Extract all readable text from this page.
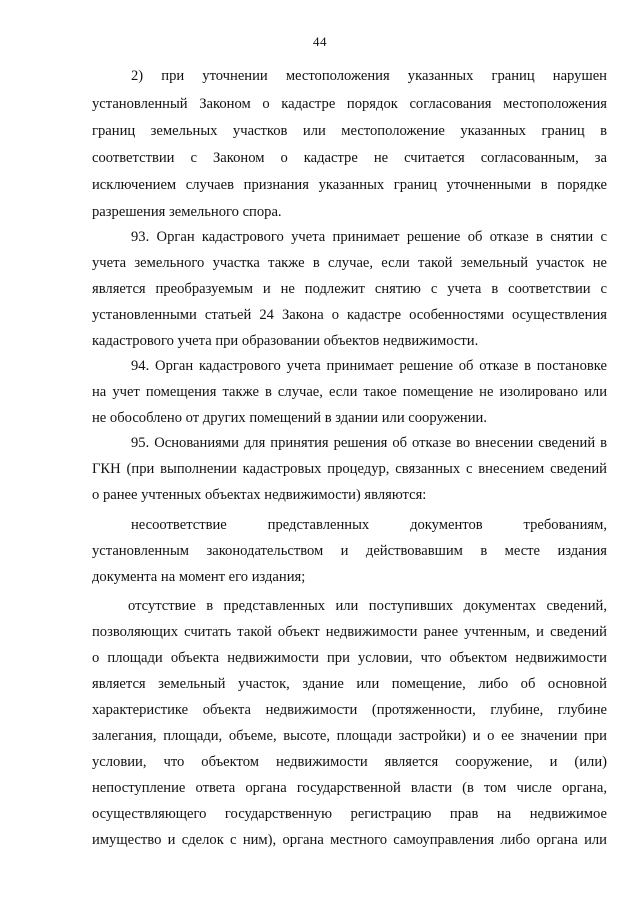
44
2) при уточнении местоположения указанных границ нарушен
установленный Законом о кадастре порядок согласования местоположения
границ земельных участков или местоположение указанных границ в
соответствии с Законом о кадастре не считается согласованным, за
исключением случаев признания указанных границ уточненными в порядке
разрешения земельного спора.
93. Орган кадастрового учета принимает решение об отказе в снятии с
учета земельного участка также в случае, если такой земельный участок не
является преобразуемым и не подлежит снятию с учета в соответствии с
установленными статьей 24 Закона о кадастре особенностями осуществления
кадастрового учета при образовании объектов недвижимости.
94. Орган кадастрового учета принимает решение об отказе в постановке
на учет помещения также в случае, если такое помещение не изолировано или
не обособлено от других помещений в здании или сооружении.
95. Основаниями для принятия решения об отказе во внесении сведений в
ГКН (при выполнении кадастровых процедур, связанных с внесением сведений
о ранее учтенных объектах недвижимости) являются:
несоответствие представленных документов требованиям,
установленным законодательством и действовавшим в месте издания
документа на момент его издания;
отсутствие в представленных или поступивших документах сведений,
позволяющих считать такой объект недвижимости ранее учтенным, и сведений
о площади объекта недвижимости при условии, что объектом недвижимости
является земельный участок, здание или помещение, либо об основной
характеристике объекта недвижимости (протяженности, глубине, глубине
залегания, площади, объеме, высоте, площади застройки) и о ее значении при
условии, что объектом недвижимости является сооружение, и (или)
непоступление ответа органа государственной власти (в том числе органа,
осуществляющего государственную регистрацию прав на недвижимое
имущество и сделок с ним), органа местного самоуправления либо органа или
